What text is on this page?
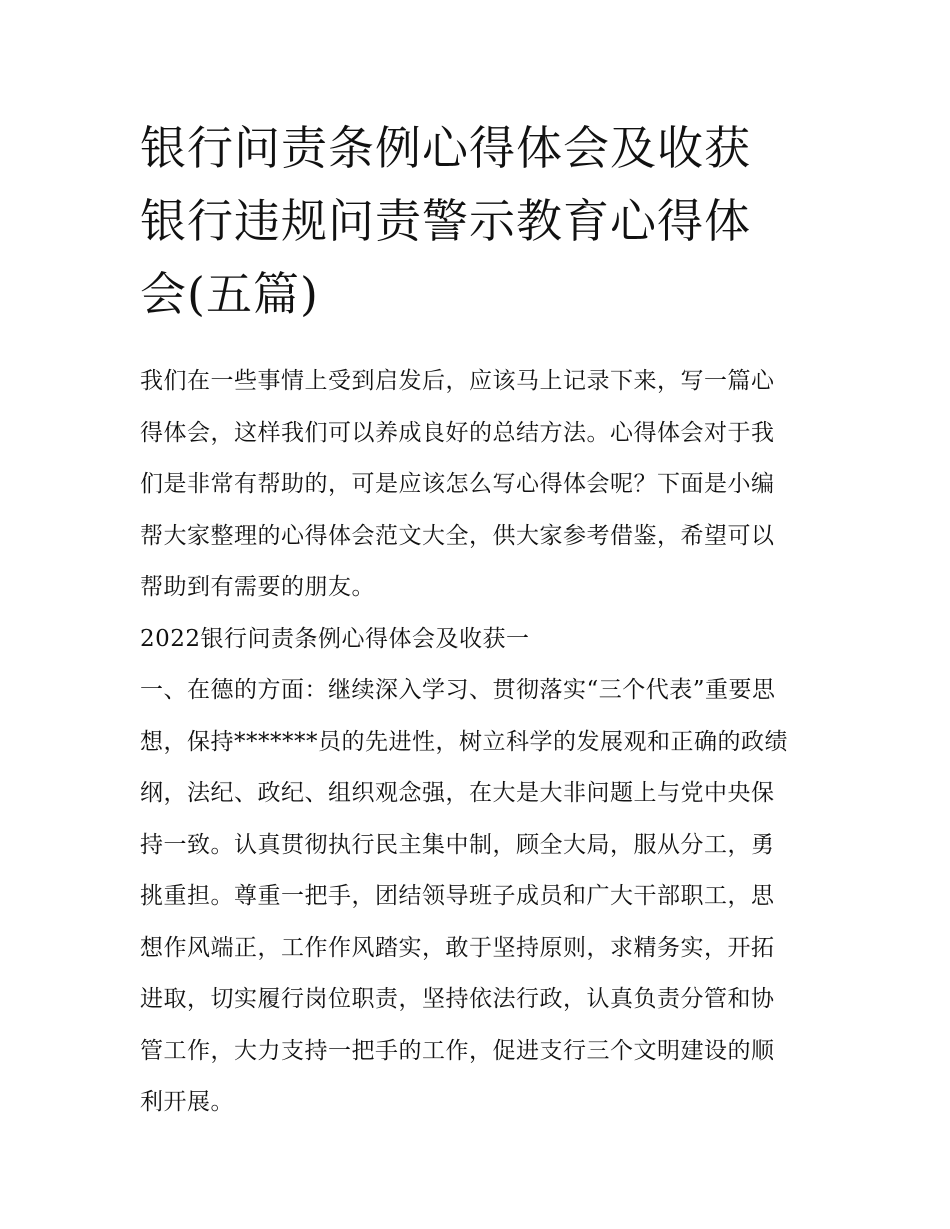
银行问责条例心得体会及收获
银行违规问责警示教育心得体
会(五篇)

我们在一些事情上受到启发后，应该马上记录下来，写一篇心
得体会，这样我们可以养成良好的总结方法。心得体会对于我
们是非常有帮助的，可是应该怎么写心得体会呢？下面是小编
帮大家整理的心得体会范文大全，供大家参考借鉴，希望可以
帮助到有需要的朋友。

2022银行问责条例心得体会及收获一

一、在德的方面：继续深入学习、贯彻落实“三个代表”重要思
想，保持*******员的先进性，树立科学的发展观和正确的政绩
纲，法纪、政纪、组织观念强，在大是大非问题上与党中央保
持一致。认真贯彻执行民主集中制，顾全大局，服从分工，勇
挑重担。尊重一把手，团结领导班子成员和广大干部职工，思
想作风端正，工作作风踏实，敢于坚持原则，求精务实，开拓
进取，切实履行岗位职责，坚持依法行政，认真负责分管和协
管工作，大力支持一把手的工作，促进支行三个文明建设的顺
利开展。
